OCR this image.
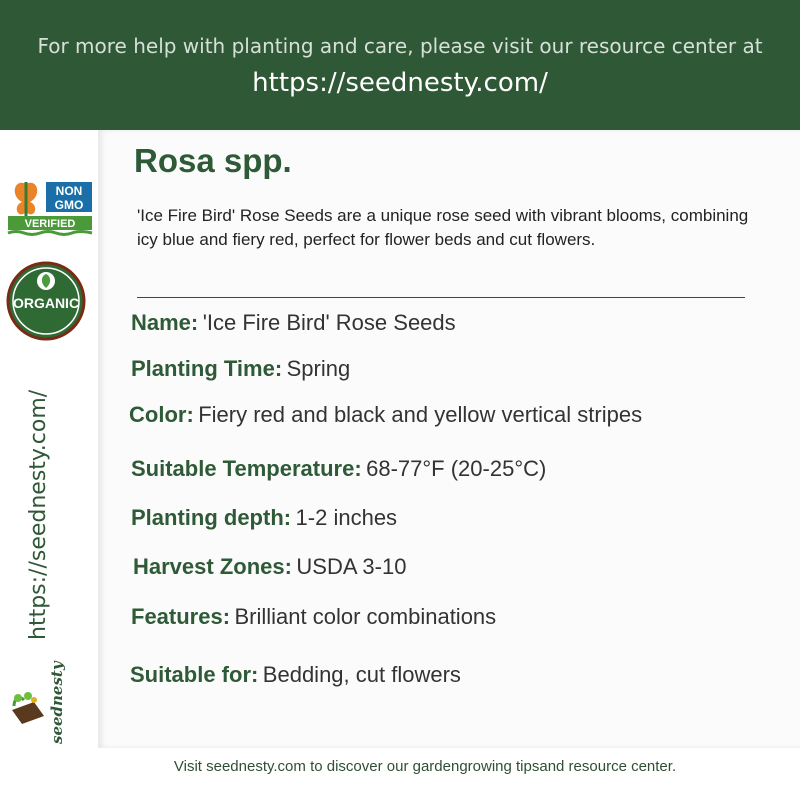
For more help with planting and care, please visit our resource center at
https://seednesty.com/
NON
GMO
VERIFIED
ORGANIC
https://seednesty.com/
seednesty
Rosa spp.
'Ice Fire Bird' Rose Seeds are a unique rose seed with vibrant blooms, combining icy blue and fiery red, perfect for flower beds and cut flowers.
Name: 'Ice Fire Bird' Rose Seeds
Planting Time: Spring
Color: Fiery red and black and yellow vertical stripes
Suitable Temperature: 68-77°F (20-25°C)
Planting depth: 1-2 inches
Harvest Zones: USDA 3-10
Features: Brilliant color combinations
Suitable for: Bedding, cut flowers
Visit seednesty.com to discover our gardengrowing tipsand resource center.
